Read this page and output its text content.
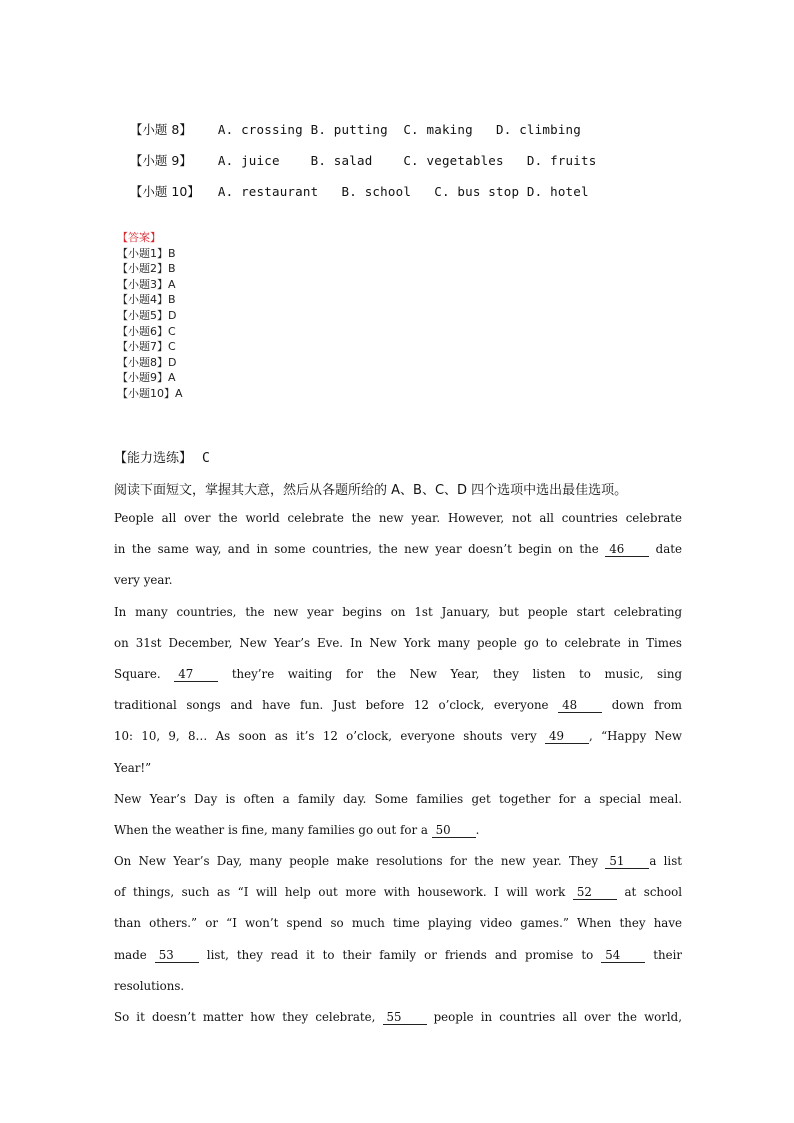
【小题 8】 A. crossing B. putting  C. making   D. climbing

【小题 9】 A. juice    B. salad    C. vegetables   D. fruits

【小题 10】 A. restaurant   B. school   C. bus stop D. hotel

【答案】
【小题1】B
【小题2】B
【小题3】A
【小题4】B
【小题5】D
【小题6】C
【小题7】C
【小题8】D
【小题9】A
【小题10】A
【能力选练】 C
阅读下面短文，掌握其大意，然后从各题所给的 A、B、C、D 四个选项中选出最佳选项。
People all over the world celebrate the new year. However, not all countries celebrate
in the same way, and in some countries, the new year doesn’t begin on the 46 date
very year.
In many countries, the new year begins on 1st January, but people start celebrating
on 31st December, New Year’s Eve. In New York many people go to celebrate in Times
Square. 47 they’re waiting for the New Year, they listen to music, sing
traditional songs and have fun. Just before 12 o’clock, everyone 48 down from
10: 10, 9, 8… As soon as it’s 12 o’clock, everyone shouts very 49 , “Happy New
Year!”
New Year’s Day is often a family day. Some families get together for a special meal.
When the weather is fine, many families go out for a 50 .
On New Year’s Day, many people make resolutions for the new year. They 51 a list
of things, such as “I will help out more with housework. I will work 52 at school
than others.” or “I won’t spend so much time playing video games.” When they have
made 53 list, they read it to their family or friends and promise to 54 their
resolutions.
So it doesn’t matter how they celebrate, 55 people in countries all over the world,
